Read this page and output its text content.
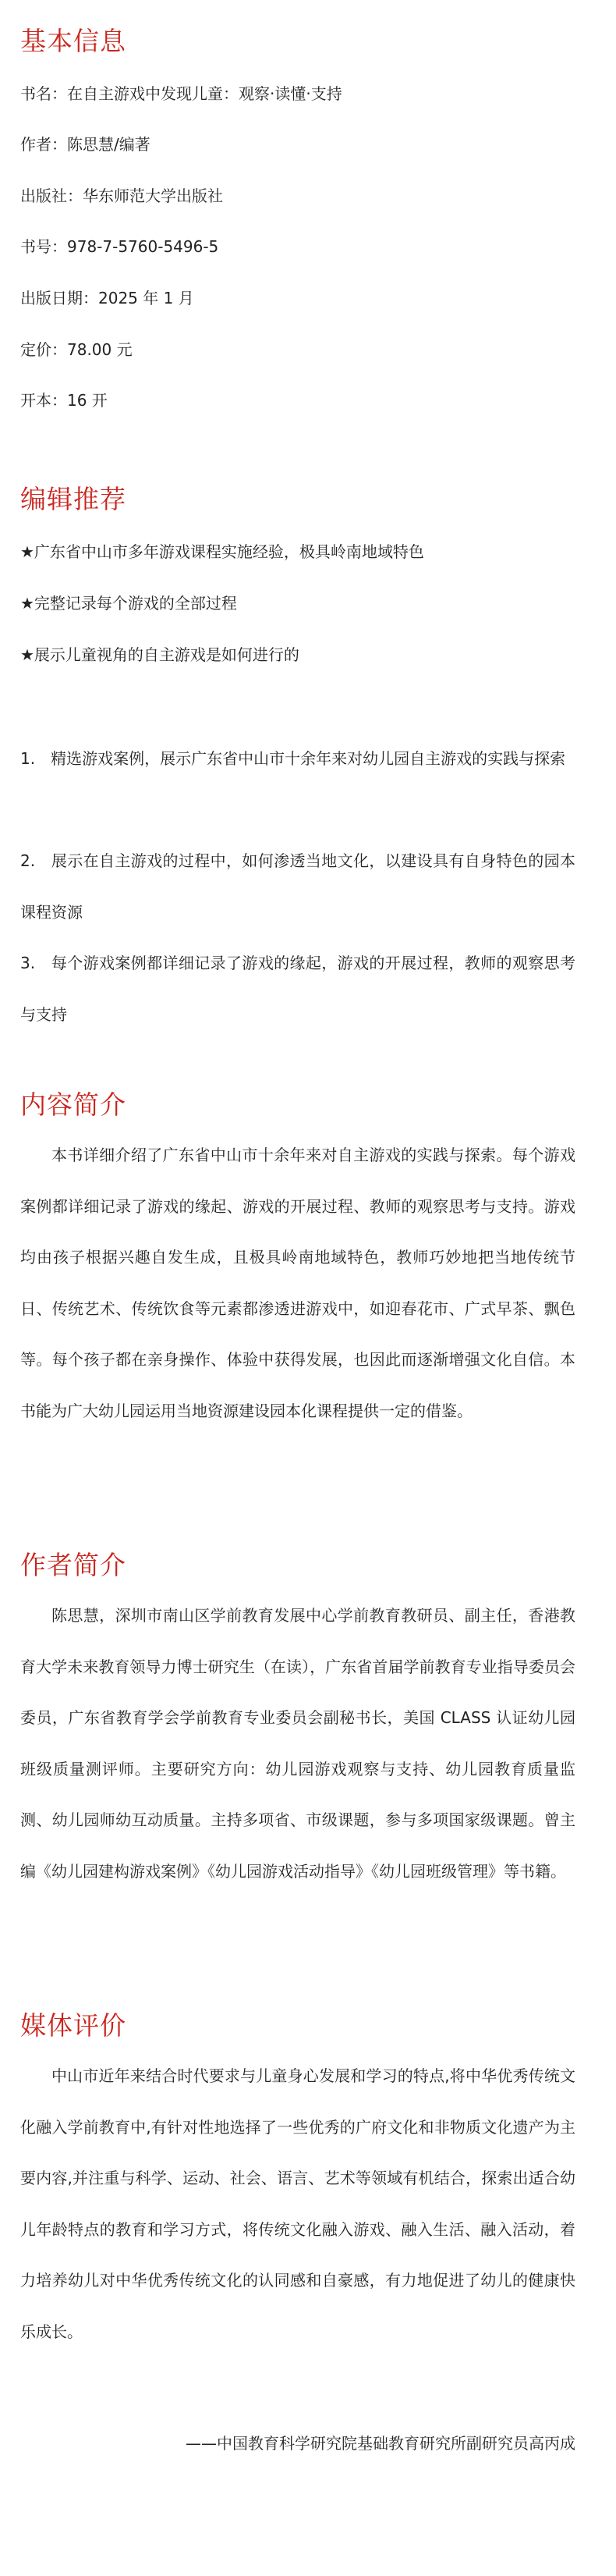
基本信息

书名：在自主游戏中发现儿童：观察·读懂·支持

作者：陈思慧/编著

出版社：华东师范大学出版社

书号：978-7-5760-5496-5

出版日期：2025 年 1 月

定价：78.00 元

开本：16 开

编辑推荐

★广东省中山市多年游戏课程实施经验，极具岭南地域特色

★完整记录每个游戏的全部过程

★展示儿童视角的自主游戏是如何进行的

1.　精选游戏案例，展示广东省中山市十余年来对幼儿园自主游戏的实践与探索

2.　展示在自主游戏的过程中，如何渗透当地文化，以建设具有自身特色的园本课程资源

3.　每个游戏案例都详细记录了游戏的缘起，游戏的开展过程，教师的观察思考与支持

内容简介

本书详细介绍了广东省中山市十余年来对自主游戏的实践与探索。每个游戏案例都详细记录了游戏的缘起、游戏的开展过程、教师的观察思考与支持。游戏均由孩子根据兴趣自发生成，且极具岭南地域特色，教师巧妙地把当地传统节日、传统艺术、传统饮食等元素都渗透进游戏中，如迎春花市、广式早茶、飘色等。每个孩子都在亲身操作、体验中获得发展，也因此而逐渐增强文化自信。本书能为广大幼儿园运用当地资源建设园本化课程提供一定的借鉴。

作者简介

陈思慧，深圳市南山区学前教育发展中心学前教育教研员、副主任，香港教育大学未来教育领导力博士研究生（在读），广东省首届学前教育专业指导委员会委员，广东省教育学会学前教育专业委员会副秘书长，美国 CLASS 认证幼儿园班级质量测评师。主要研究方向：幼儿园游戏观察与支持、幼儿园教育质量监测、幼儿园师幼互动质量。主持多项省、市级课题，参与多项国家级课题。曾主编《幼儿园建构游戏案例》《幼儿园游戏活动指导》《幼儿园班级管理》等书籍。

媒体评价

中山市近年来结合时代要求与儿童身心发展和学习的特点,将中华优秀传统文化融入学前教育中,有针对性地选择了一些优秀的广府文化和非物质文化遗产为主要内容,并注重与科学、运动、社会、语言、艺术等领域有机结合，探索出适合幼儿年龄特点的教育和学习方式，将传统文化融入游戏、融入生活、融入活动，着力培养幼儿对中华优秀传统文化的认同感和自豪感，有力地促进了幼儿的健康快乐成长。

——中国教育科学研究院基础教育研究所副研究员高丙成
